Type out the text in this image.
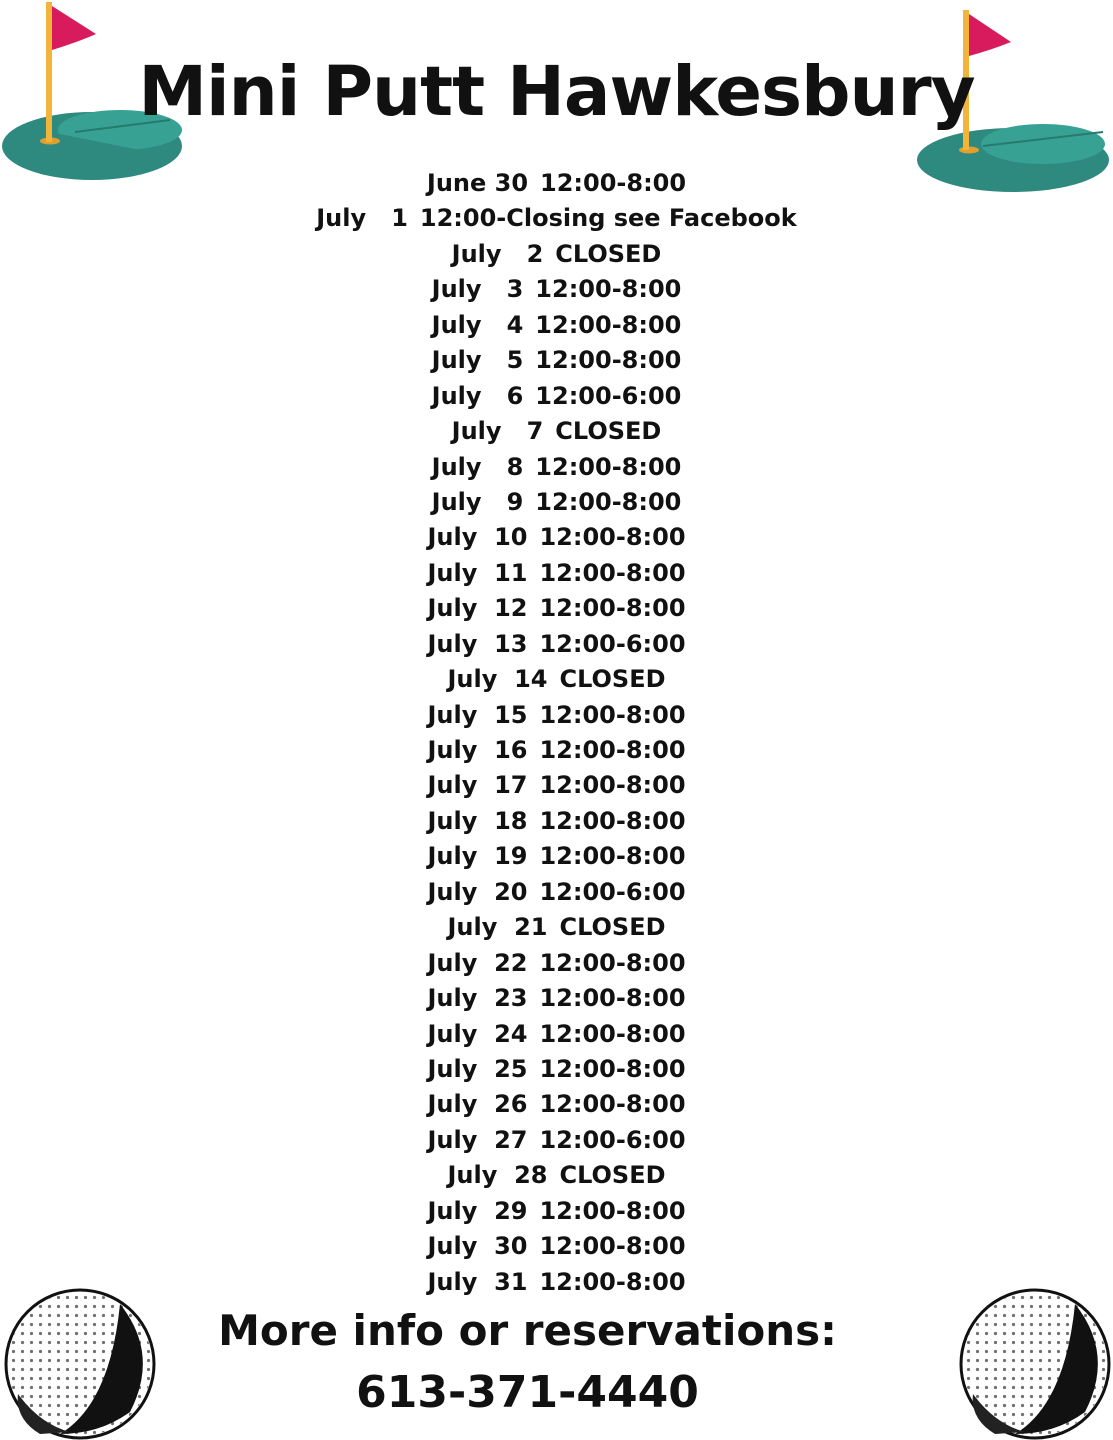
Mini Putt Hawkesbury
June 30 12:00-8:00
July   1 12:00-Closing see Facebook
July   2 CLOSED
July   3 12:00-8:00
July   4 12:00-8:00
July   5 12:00-8:00
July   6 12:00-6:00
July   7 CLOSED
July   8 12:00-8:00
July   9 12:00-8:00
July  10 12:00-8:00
July  11 12:00-8:00
July  12 12:00-8:00
July  13 12:00-6:00
July  14 CLOSED
July  15 12:00-8:00
July  16 12:00-8:00
July  17 12:00-8:00
July  18 12:00-8:00
July  19 12:00-8:00
July  20 12:00-6:00
July  21 CLOSED
July  22 12:00-8:00
July  23 12:00-8:00
July  24 12:00-8:00
July  25 12:00-8:00
July  26 12:00-8:00
July  27 12:00-6:00
July  28 CLOSED
July  29 12:00-8:00
July  30 12:00-8:00
July  31 12:00-8:00

More info or reservations:

613-371-4440
